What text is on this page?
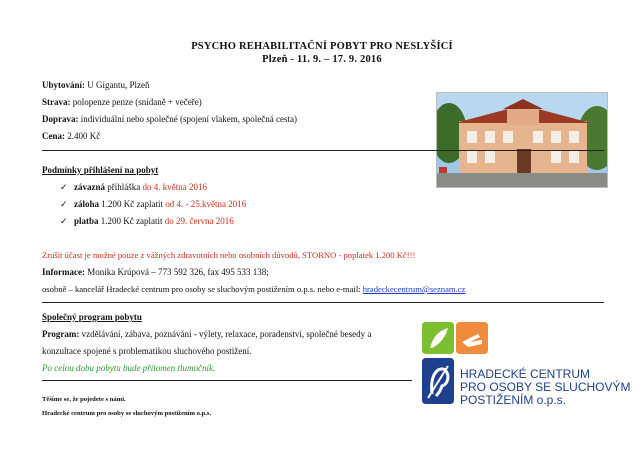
PSYCHO REHABILITAČNÍ POBYT PRO NESLYŠÍCÍ
Plzeň - 11. 9. – 17. 9. 2016
Ubytování: U Gigantu, Plzeň
Strava: polopenze penze (snídaně + večeře)
Doprava: individuální nebo společné (spojení vlakem, společná cesta)
Cena: 2.400 Kč
Podmínky přihlášení na pobyt
✓ závazná přihláška do 4. května 2016
✓ záloha 1.200 Kč zaplatit od 4. - 25.května 2016
✓ platba 1.200 Kč zaplatit do 29. června 2016
Zrušit účast je možné pouze z vážných zdravotních nebo osobních důvodů, STORNO - poplatek 1.200 Kč!!!
Informace: Monika Krúpová – 773 592 326, fax 495 533 138;
osobně – kancelář Hradecké centrum pro osoby se sluchovým postižením o.p.s. nebo e-mail: hradeckecentrum@seznam.cz
Společný program pobytu
Program: vzdělávání, zábava, poznávání - výlety, relaxace, poradenství, společné besedy a
konzultace spojené s problematikou sluchového postižení.
Po celou dobu pobytu bude přítomen tlumočník.
Těšíme se, že pojedete s námi.
Hradecké centrum pro osoby se sluchovým postižením o.p.s.
HRADECKÉ CENTRUM
PRO OSOBY SE SLUCHOVÝM
POSTIŽENÍM o.p.s.
